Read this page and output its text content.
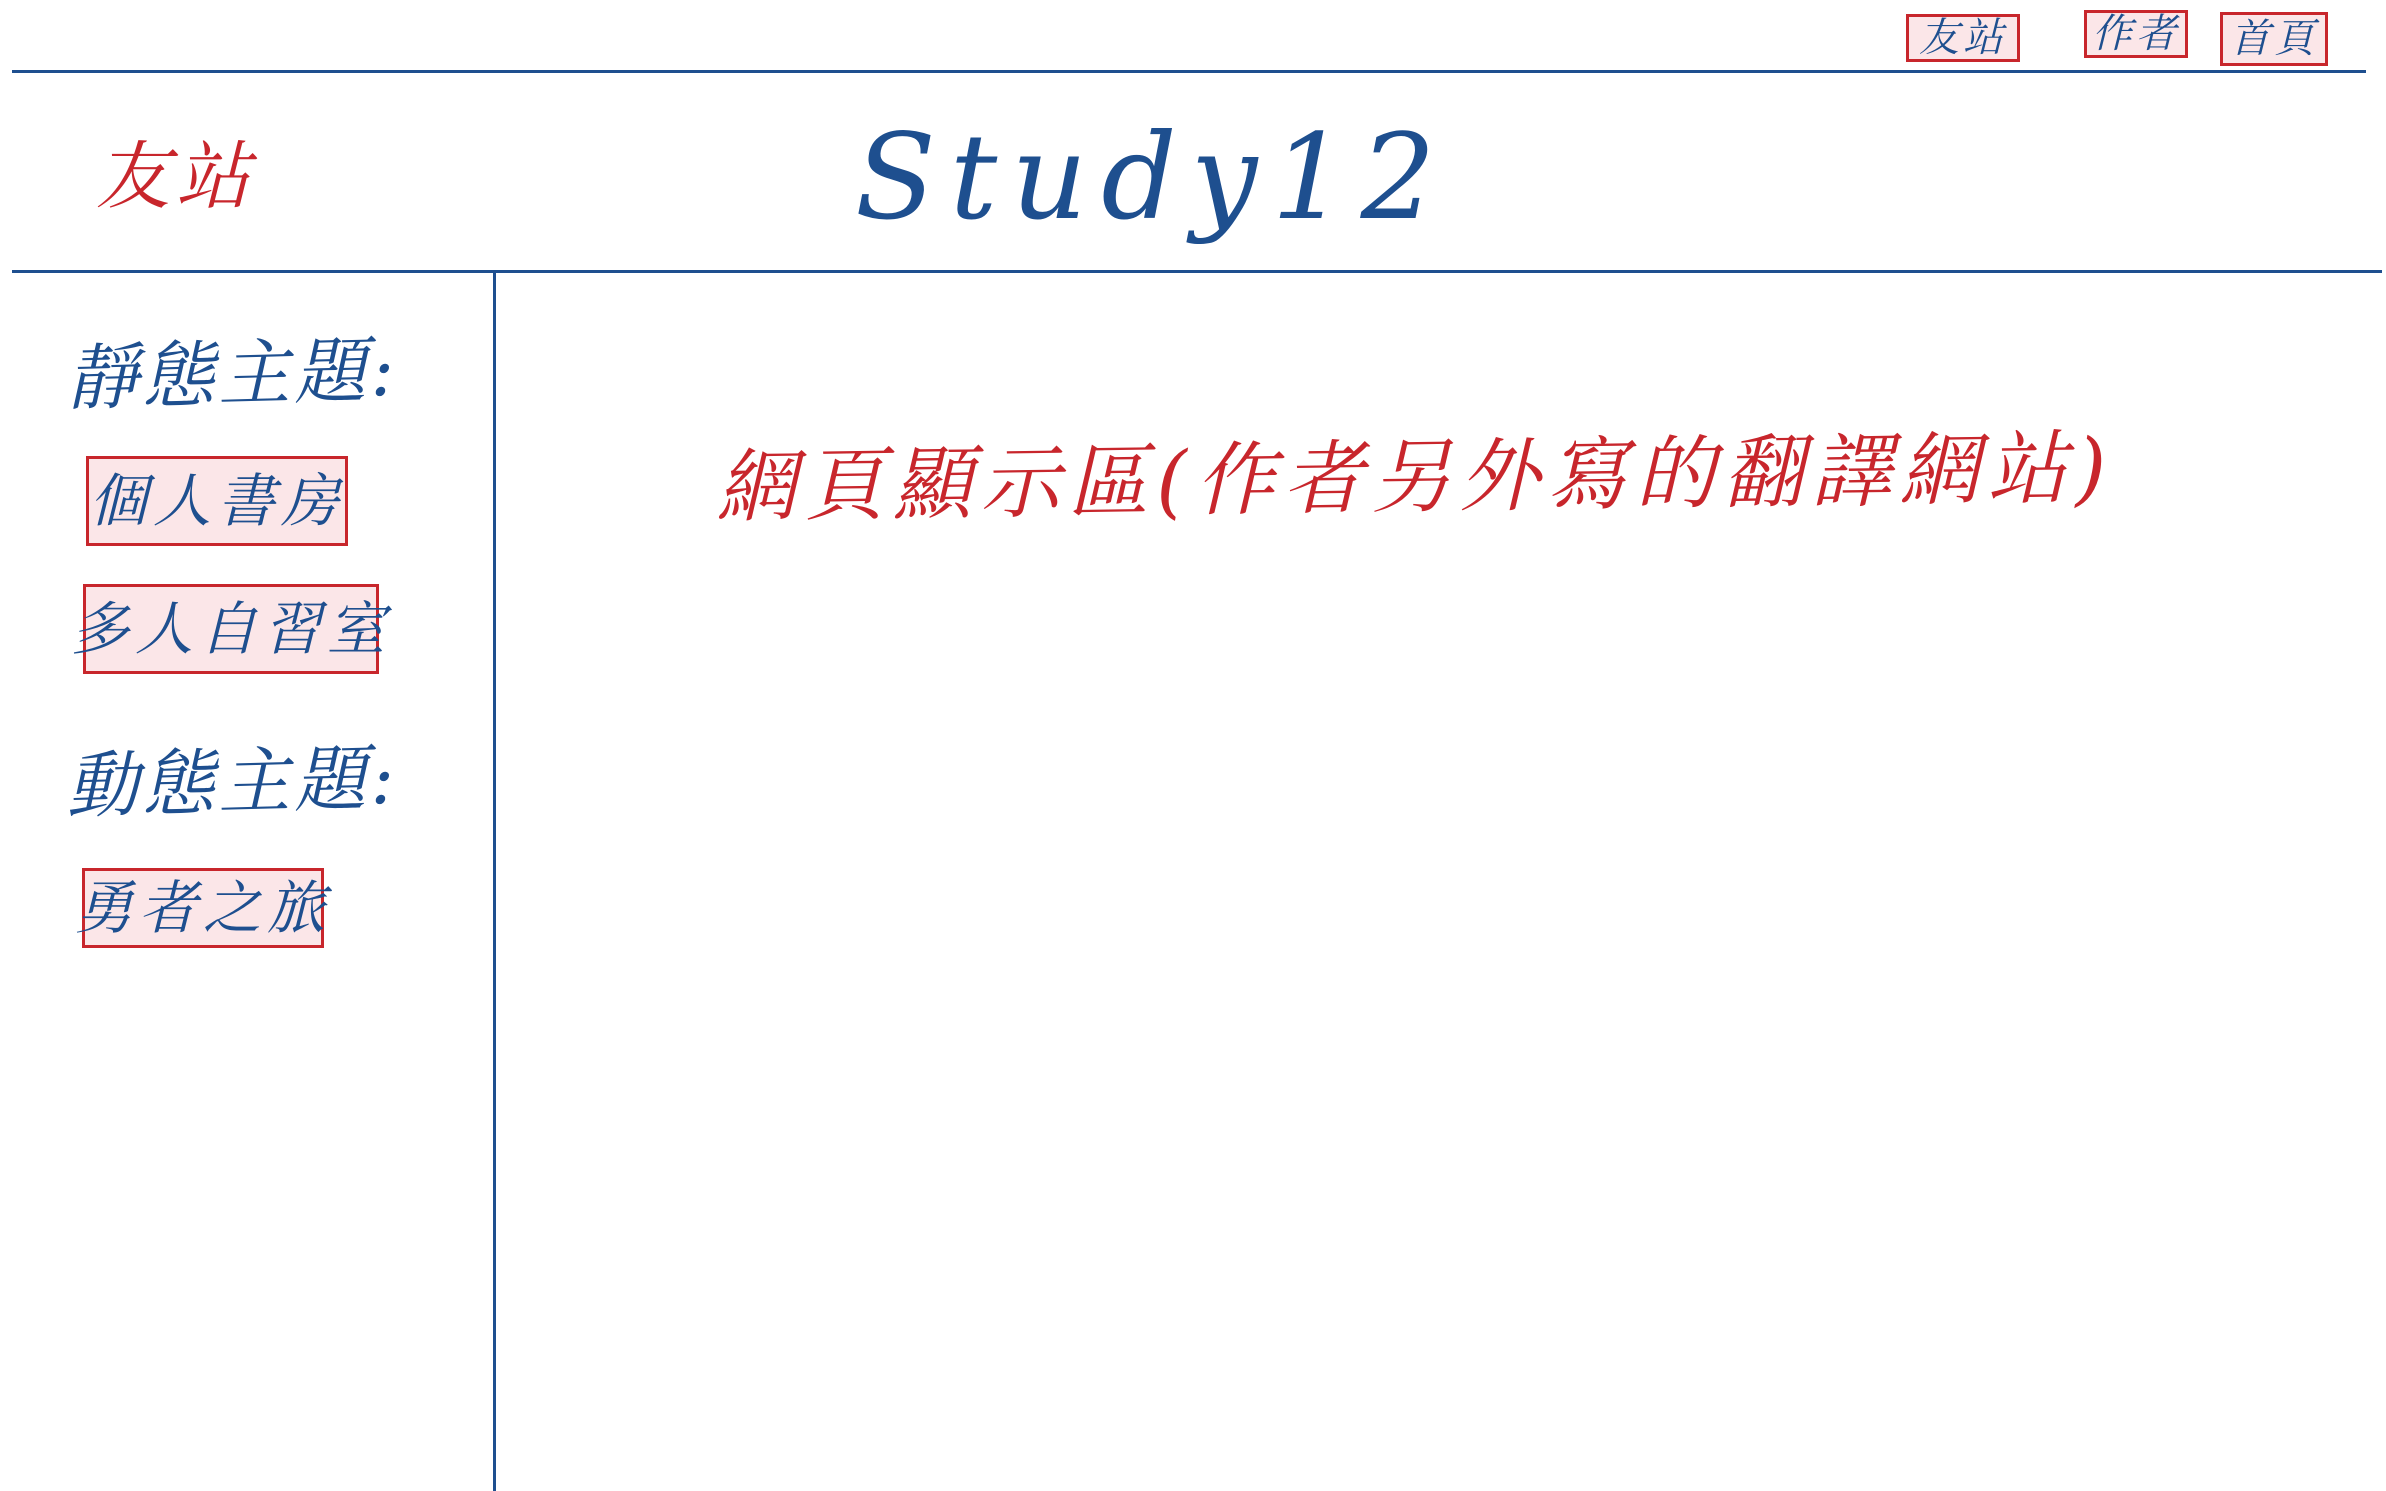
友站	作者 首頁
友站	Study12
靜態主題:
個人書房
多人自習室
動態主題:
勇者之旅
網頁顯示區(作者另外寫的翻譯網站)
